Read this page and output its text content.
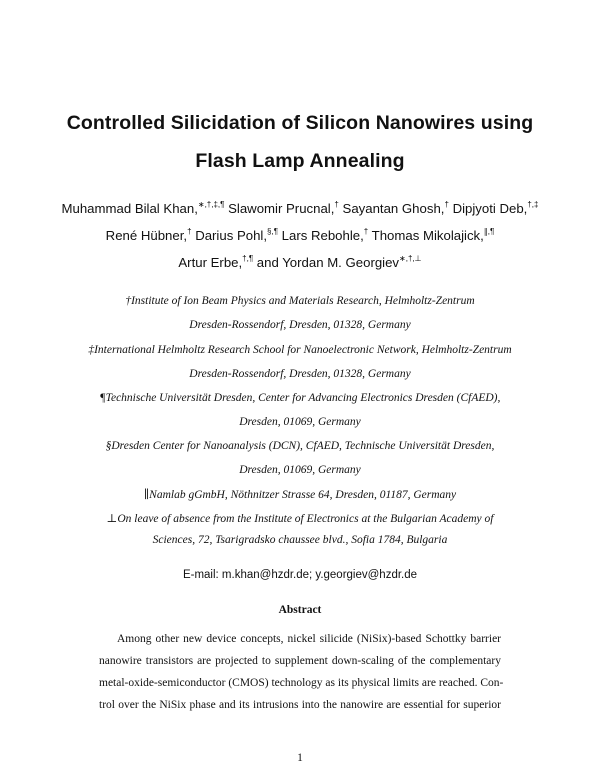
Controlled Silicidation of Silicon Nanowires using
Flash Lamp Annealing
Muhammad Bilal Khan,∗,†,‡,¶ Slawomir Prucnal,† Sayantan Ghosh,† Dipjyoti Deb,†,‡
René Hübner,† Darius Pohl,§,¶ Lars Rebohle,† Thomas Mikolajick,∥,¶
Artur Erbe,†,¶ and Yordan M. Georgiev∗,†,⊥
†Institute of Ion Beam Physics and Materials Research, Helmholtz-Zentrum
Dresden-Rossendorf, Dresden, 01328, Germany
‡International Helmholtz Research School for Nanoelectronic Network, Helmholtz-Zentrum
Dresden-Rossendorf, Dresden, 01328, Germany
¶Technische Universität Dresden, Center for Advancing Electronics Dresden (CfAED),
Dresden, 01069, Germany
§Dresden Center for Nanoanalysis (DCN), CfAED, Technische Universität Dresden,
Dresden, 01069, Germany
∥Namlab gGmbH, Nöthnitzer Strasse 64, Dresden, 01187, Germany
⊥On leave of absence from the Institute of Electronics at the Bulgarian Academy of
Sciences, 72, Tsarigradsko chaussee blvd., Sofia 1784, Bulgaria
E-mail: m.khan@hzdr.de; y.georgiev@hzdr.de
Abstract
Among other new device concepts, nickel silicide (NiSix)-based Schottky barrier
nanowire transistors are projected to supplement down-scaling of the complementary
metal-oxide-semiconductor (CMOS) technology as its physical limits are reached. Con-
trol over the NiSix phase and its intrusions into the nanowire are essential for superior
1
